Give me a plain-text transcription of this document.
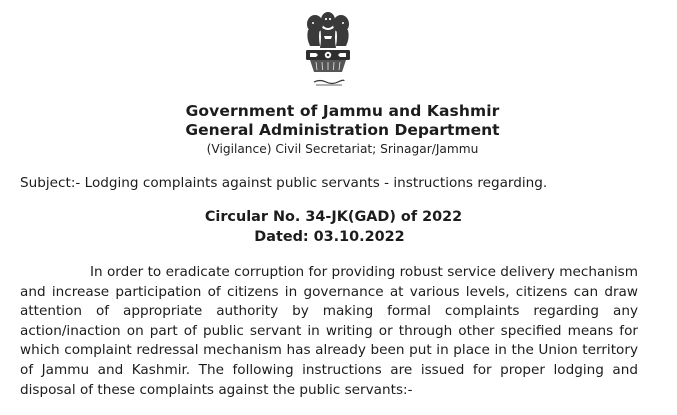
Government of Jammu and Kashmir
General Administration Department
(Vigilance) Civil Secretariat; Srinagar/Jammu
Subject:- Lodging complaints against public servants - instructions regarding.
Circular No. 34-JK(GAD) of 2022
Dated: 03.10.2022
In order to eradicate corruption for providing robust service delivery mechanism and increase participation of citizens in governance at various levels, citizens can draw attention of appropriate authority by making formal complaints regarding any action/inaction on part of public servant in writing or through other specified means for which complaint redressal mechanism has already been put in place in the Union territory of Jammu and Kashmir. The following instructions are issued for proper lodging and disposal of these complaints against the public servants:-
